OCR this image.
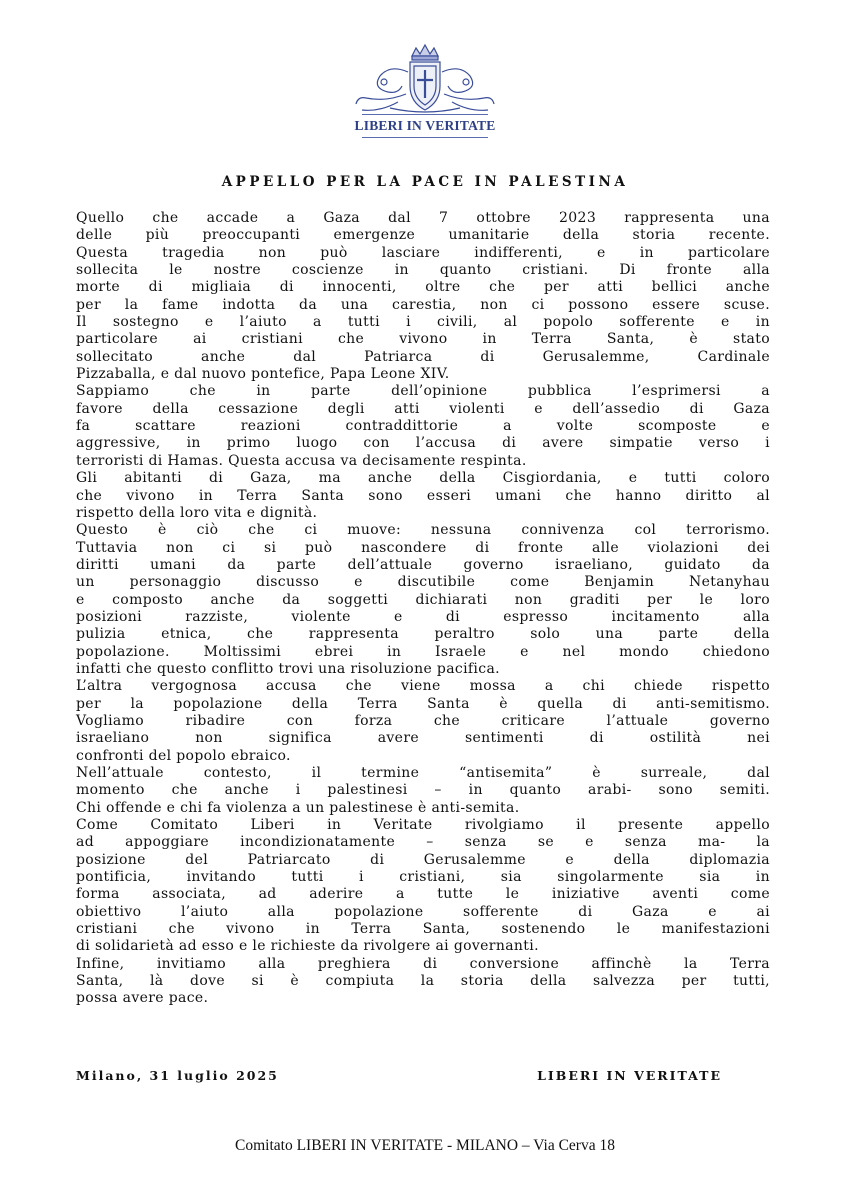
LIBERI IN VERITATE
APPELLO PER LA PACE IN PALESTINA
Quello che accade a Gaza dal 7 ottobre 2023 rappresenta una
delle più preoccupanti emergenze umanitarie della storia recente.
Questa tragedia non può lasciare indifferenti, e in particolare
sollecita le nostre coscienze in quanto cristiani. Di fronte alla
morte di migliaia di innocenti, oltre che per atti bellici anche
per la fame indotta da una carestia, non ci possono essere scuse.
Il sostegno e l’aiuto a tutti i civili, al popolo sofferente e in
particolare ai cristiani che vivono in Terra Santa, è stato
sollecitato anche dal Patriarca di Gerusalemme, Cardinale
Pizzaballa, e dal nuovo pontefice, Papa Leone XIV.
Sappiamo che in parte dell’opinione pubblica l’esprimersi a
favore della cessazione degli atti violenti e dell’assedio di Gaza
fa scattare reazioni contraddittorie a volte scomposte e
aggressive, in primo luogo con l’accusa di avere simpatie verso i
terroristi di Hamas. Questa accusa va decisamente respinta.
Gli abitanti di Gaza, ma anche della Cisgiordania, e tutti coloro
che vivono in Terra Santa sono esseri umani che hanno diritto al
rispetto della loro vita e dignità.
Questo è ciò che ci muove: nessuna connivenza col terrorismo.
Tuttavia non ci si può nascondere di fronte alle violazioni dei
diritti umani da parte dell’attuale governo israeliano, guidato da
un personaggio discusso e discutibile come Benjamin Netanyhau
e composto anche da soggetti dichiarati non graditi per le loro
posizioni razziste, violente e di espresso incitamento alla
pulizia etnica, che rappresenta peraltro solo una parte della
popolazione. Moltissimi ebrei in Israele e nel mondo chiedono
infatti che questo conflitto trovi una risoluzione pacifica.
L’altra vergognosa accusa che viene mossa a chi chiede rispetto
per la popolazione della Terra Santa è quella di anti-semitismo.
Vogliamo ribadire con forza che criticare l’attuale governo
israeliano non significa avere sentimenti di ostilità nei
confronti del popolo ebraico.
Nell’attuale contesto, il termine “antisemita” è surreale, dal
momento che anche i palestinesi – in quanto arabi- sono semiti.
Chi offende e chi fa violenza a un palestinese è anti-semita.
Come Comitato Liberi in Veritate rivolgiamo il presente appello
ad appoggiare incondizionatamente – senza se e senza ma- la
posizione del Patriarcato di Gerusalemme e della diplomazia
pontificia, invitando tutti i cristiani, sia singolarmente sia in
forma associata, ad aderire a tutte le iniziative aventi come
obiettivo l’aiuto alla popolazione sofferente di Gaza e ai
cristiani che vivono in Terra Santa, sostenendo le manifestazioni
di solidarietà ad esso e le richieste da rivolgere ai governanti.
Infine, invitiamo alla preghiera di conversione affinchè la Terra
Santa, là dove si è compiuta la storia della salvezza per tutti,
possa avere pace.
Milano, 31 luglio 2025	LIBERI IN VERITATE
Comitato LIBERI IN VERITATE - MILANO – Via Cerva 18
